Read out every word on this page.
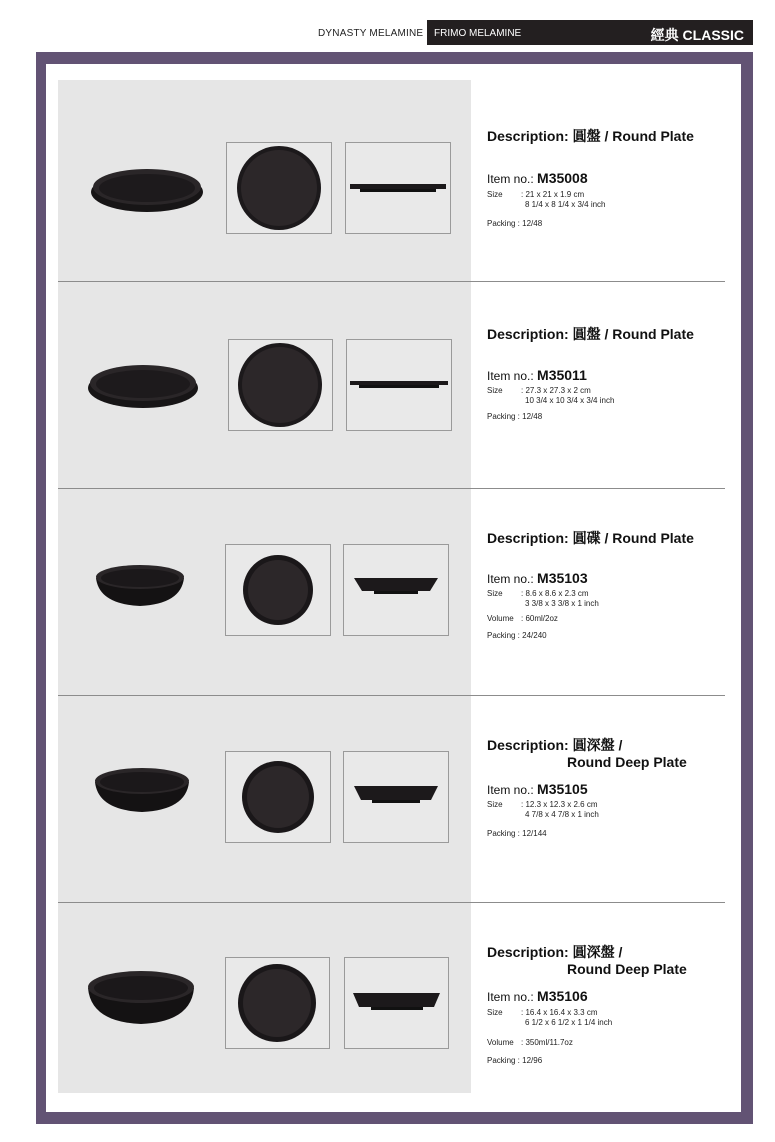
DYNASTY MELAMINE FRIMO MELAMINE	經典 CLASSIC
Description: 圓盤 / Round Plate
Item no.: M35008
Size : 21 x 21 x 1.9 cm
8 1/4 x 8 1/4 x 3/4 inch
Packing : 12/48
Description: 圓盤 / Round Plate
Item no.: M35011
Size : 27.3 x 27.3 x 2 cm
10 3/4 x 10 3/4 x 3/4 inch
Packing : 12/48
Description: 圓碟 / Round Plate
Item no.: M35103
Size : 8.6 x 8.6 x 2.3 cm
3 3/8 x 3 3/8 x 1 inch
Volume : 60ml/2oz
Packing : 24/240
Description: 圓深盤 /
Round Deep Plate
Item no.: M35105
Size : 12.3 x 12.3 x 2.6 cm
4 7/8 x 4 7/8 x 1 inch
Packing : 12/144
Description: 圓深盤 /
Round Deep Plate
Item no.: M35106
Size : 16.4 x 16.4 x 3.3 cm
6 1/2 x 6 1/2 x 1 1/4 inch
Volume : 350ml/11.7oz
Packing : 12/96
